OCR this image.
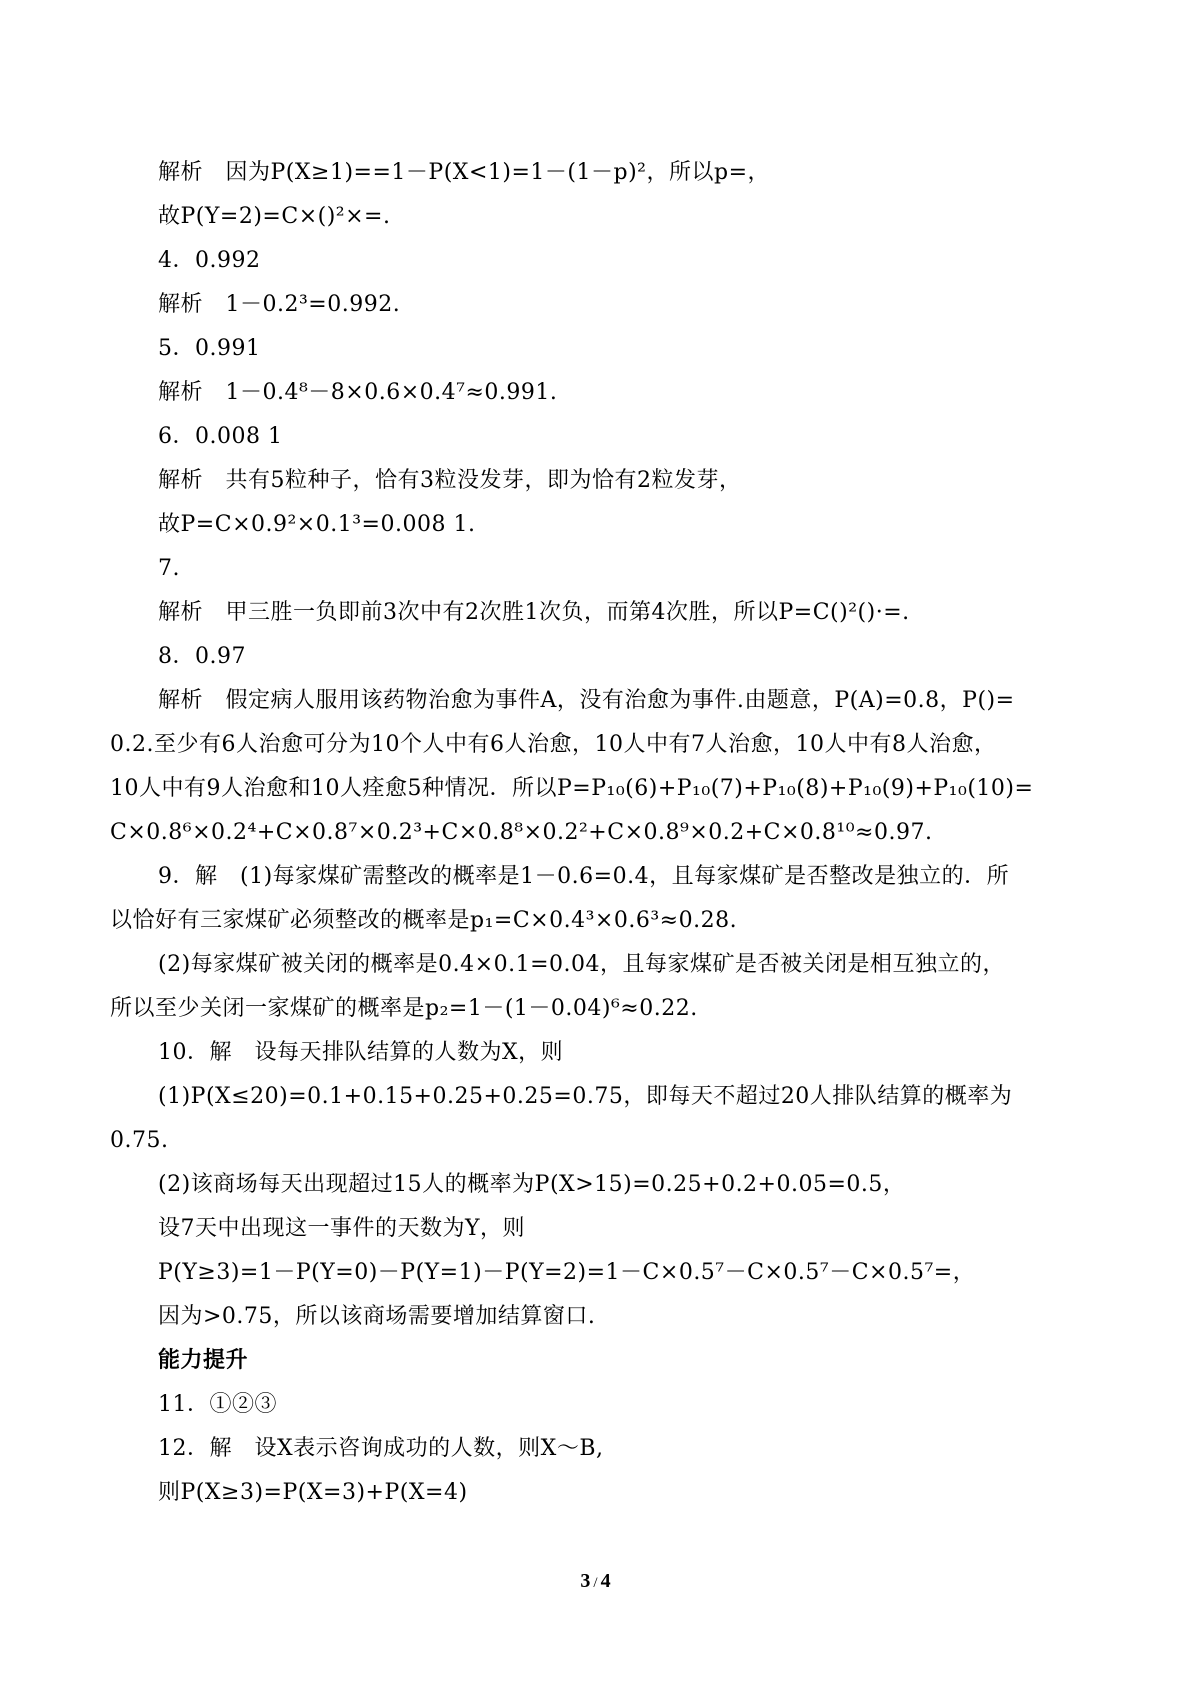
解析　因为P(X≥1)==1－P(X<1)=1－(1－p)²，所以p=，
故P(Y=2)=C×()²×=.
4．0.992
解析　1－0.2³=0.992.
5．0.991
解析　1－0.4⁸－8×0.6×0.4⁷≈0.991.
6．0.008 1
解析　共有5粒种子，恰有3粒没发芽，即为恰有2粒发芽，
故P=C×0.9²×0.1³=0.008 1.
7.
解析　甲三胜一负即前3次中有2次胜1次负，而第4次胜，所以P=C()²()·=.
8．0.97
解析　假定病人服用该药物治愈为事件A，没有治愈为事件.由题意，P(A)=0.8，P()=
0.2.至少有6人治愈可分为10个人中有6人治愈，10人中有7人治愈，10人中有8人治愈，
10人中有9人治愈和10人痊愈5种情况．所以P=P₁₀(6)+P₁₀(7)+P₁₀(8)+P₁₀(9)+P₁₀(10)=
C×0.8⁶×0.2⁴+C×0.8⁷×0.2³+C×0.8⁸×0.2²+C×0.8⁹×0.2+C×0.8¹⁰≈0.97.
9．解　(1)每家煤矿需整改的概率是1－0.6=0.4，且每家煤矿是否整改是独立的．所
以恰好有三家煤矿必须整改的概率是p₁=C×0.4³×0.6³≈0.28.
(2)每家煤矿被关闭的概率是0.4×0.1=0.04，且每家煤矿是否被关闭是相互独立的，
所以至少关闭一家煤矿的概率是p₂=1－(1－0.04)⁶≈0.22.
10．解　设每天排队结算的人数为X，则
(1)P(X≤20)=0.1+0.15+0.25+0.25=0.75，即每天不超过20人排队结算的概率为
0.75.
(2)该商场每天出现超过15人的概率为P(X>15)=0.25+0.2+0.05=0.5，
设7天中出现这一事件的天数为Y，则
P(Y≥3)=1－P(Y=0)－P(Y=1)－P(Y=2)=1－C×0.5⁷－C×0.5⁷－C×0.5⁷=，
因为>0.75，所以该商场需要增加结算窗口.
能力提升
11．①②③
12．解　设X表示咨询成功的人数，则X～B,
则P(X≥3)=P(X=3)+P(X=4)
3 / 4
